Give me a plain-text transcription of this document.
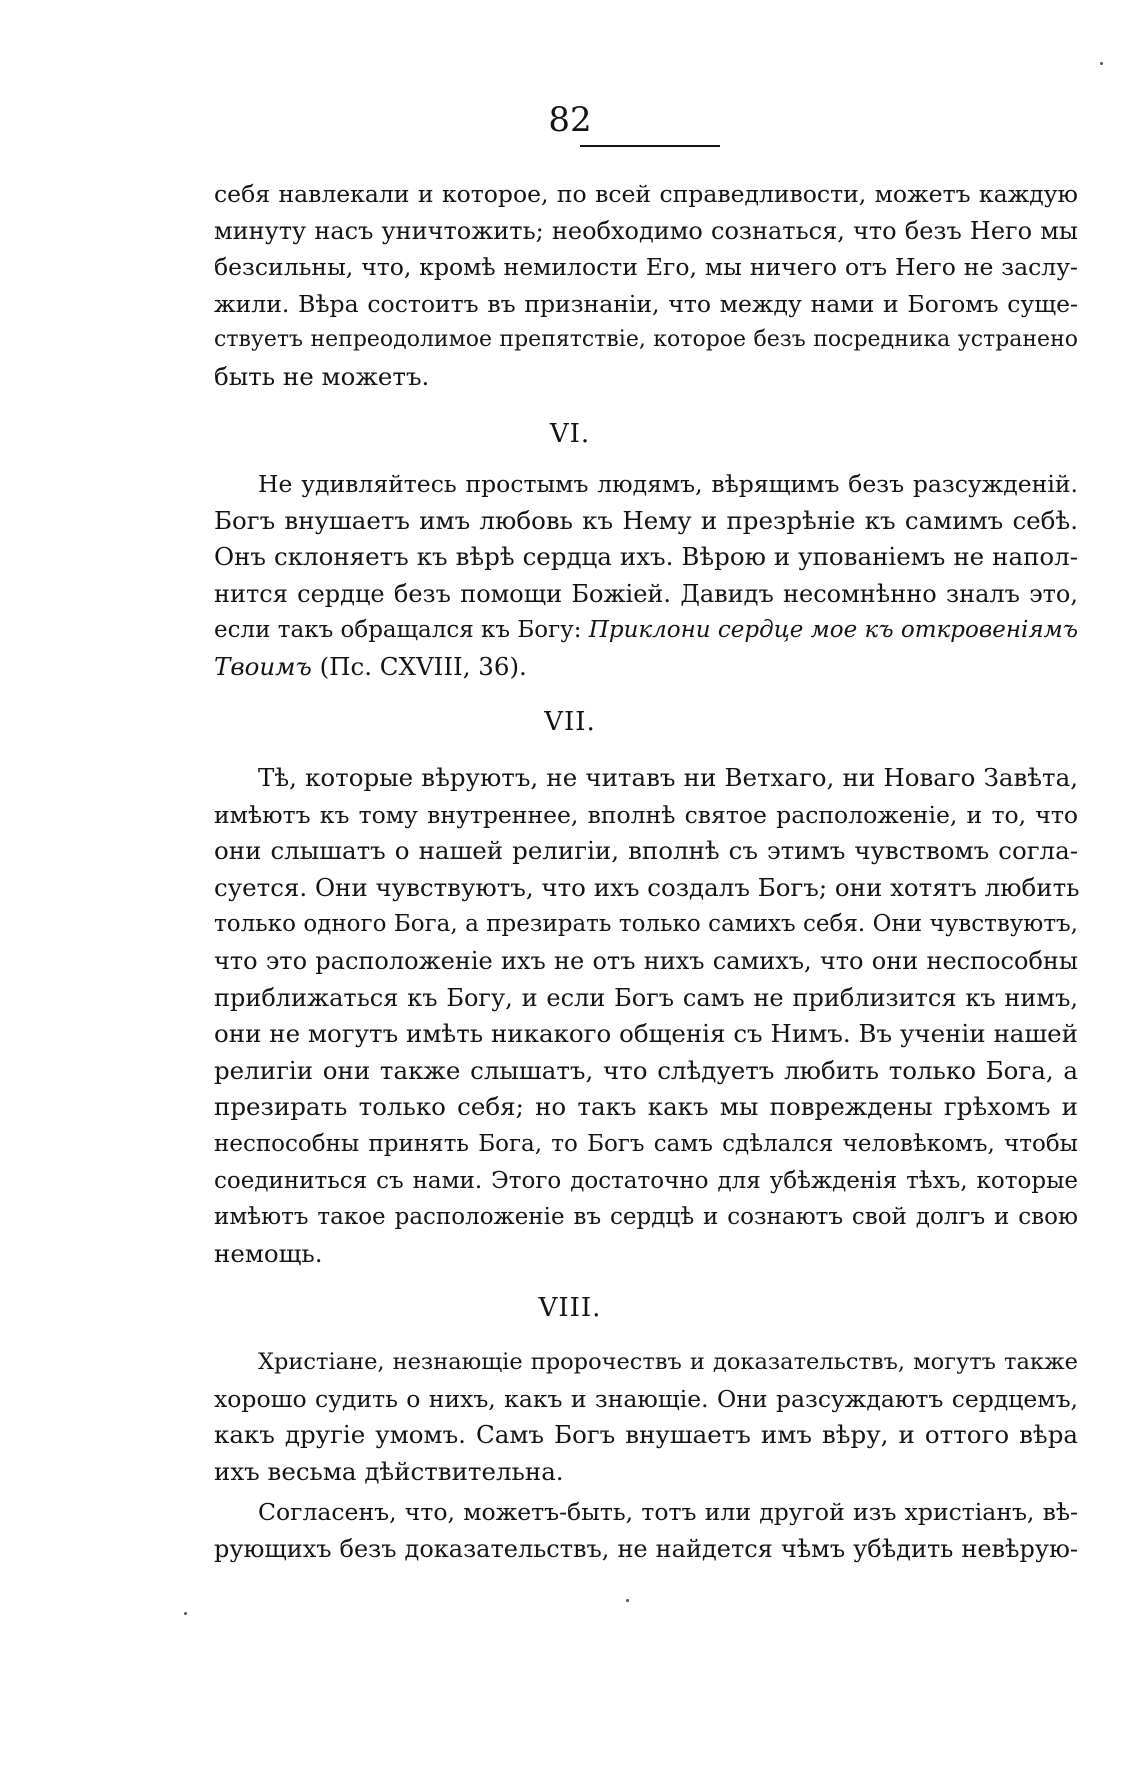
82
себя навлекали и которое, по всей справедливости, можетъ каждую
минуту насъ уничтожить; необходимо сознаться, что безъ Него мы
безсильны, что, кромѣ немилости Его, мы ничего отъ Него не заслу-
жили. Вѣра состоитъ въ признаніи, что между нами и Богомъ суще-
ствуетъ непреодолимое препятствіе, которое безъ посредника устранено
быть не можетъ.
VI.
Не удивляйтесь простымъ людямъ, вѣрящимъ безъ разсужденій.
Богъ внушаетъ имъ любовь къ Нему и презрѣніе къ самимъ себѣ.
Онъ склоняетъ къ вѣрѣ сердца ихъ. Вѣрою и упованіемъ не напол-
нится сердце безъ помощи Божіей. Давидъ несомнѣнно зналъ это,
если такъ обращался къ Богу: Приклони сердце мое къ откровеніямъ
Твоимъ (Пс. CXVIII, 36).
VII.
Тѣ, которые вѣруютъ, не читавъ ни Ветхаго, ни Новаго Завѣта,
имѣютъ къ тому внутреннее, вполнѣ святое расположеніе, и то, что
они слышатъ о нашей религіи, вполнѣ съ этимъ чувствомъ согла-
суется. Они чувствуютъ, что ихъ создалъ Богъ; они хотятъ любить
только одного Бога, а презирать только самихъ себя. Они чувствуютъ,
что это расположеніе ихъ не отъ нихъ самихъ, что они неспособны
приближаться къ Богу, и если Богъ самъ не приблизится къ нимъ,
они не могутъ имѣть никакого общенія съ Нимъ. Въ ученіи нашей
религіи они также слышатъ, что слѣдуетъ любить только Бога, а
презирать только себя; но такъ какъ мы повреждены грѣхомъ и
неспособны принять Бога, то Богъ самъ сдѣлался человѣкомъ, чтобы
соединиться съ нами. Этого достаточно для убѣжденія тѣхъ, которые
имѣютъ такое расположеніе въ сердцѣ и сознаютъ свой долгъ и свою
немощь.
VIII.
Христіане, незнающіе пророчествъ и доказательствъ, могутъ также
хорошо судить о нихъ, какъ и знающіе. Они разсуждаютъ сердцемъ,
какъ другіе умомъ. Самъ Богъ внушаетъ имъ вѣру, и оттого вѣра
ихъ весьма дѣйствительна.
Согласенъ, что, можетъ-быть, тотъ или другой изъ христіанъ, вѣ-
рующихъ безъ доказательствъ, не найдется чѣмъ убѣдить невѣрую-
